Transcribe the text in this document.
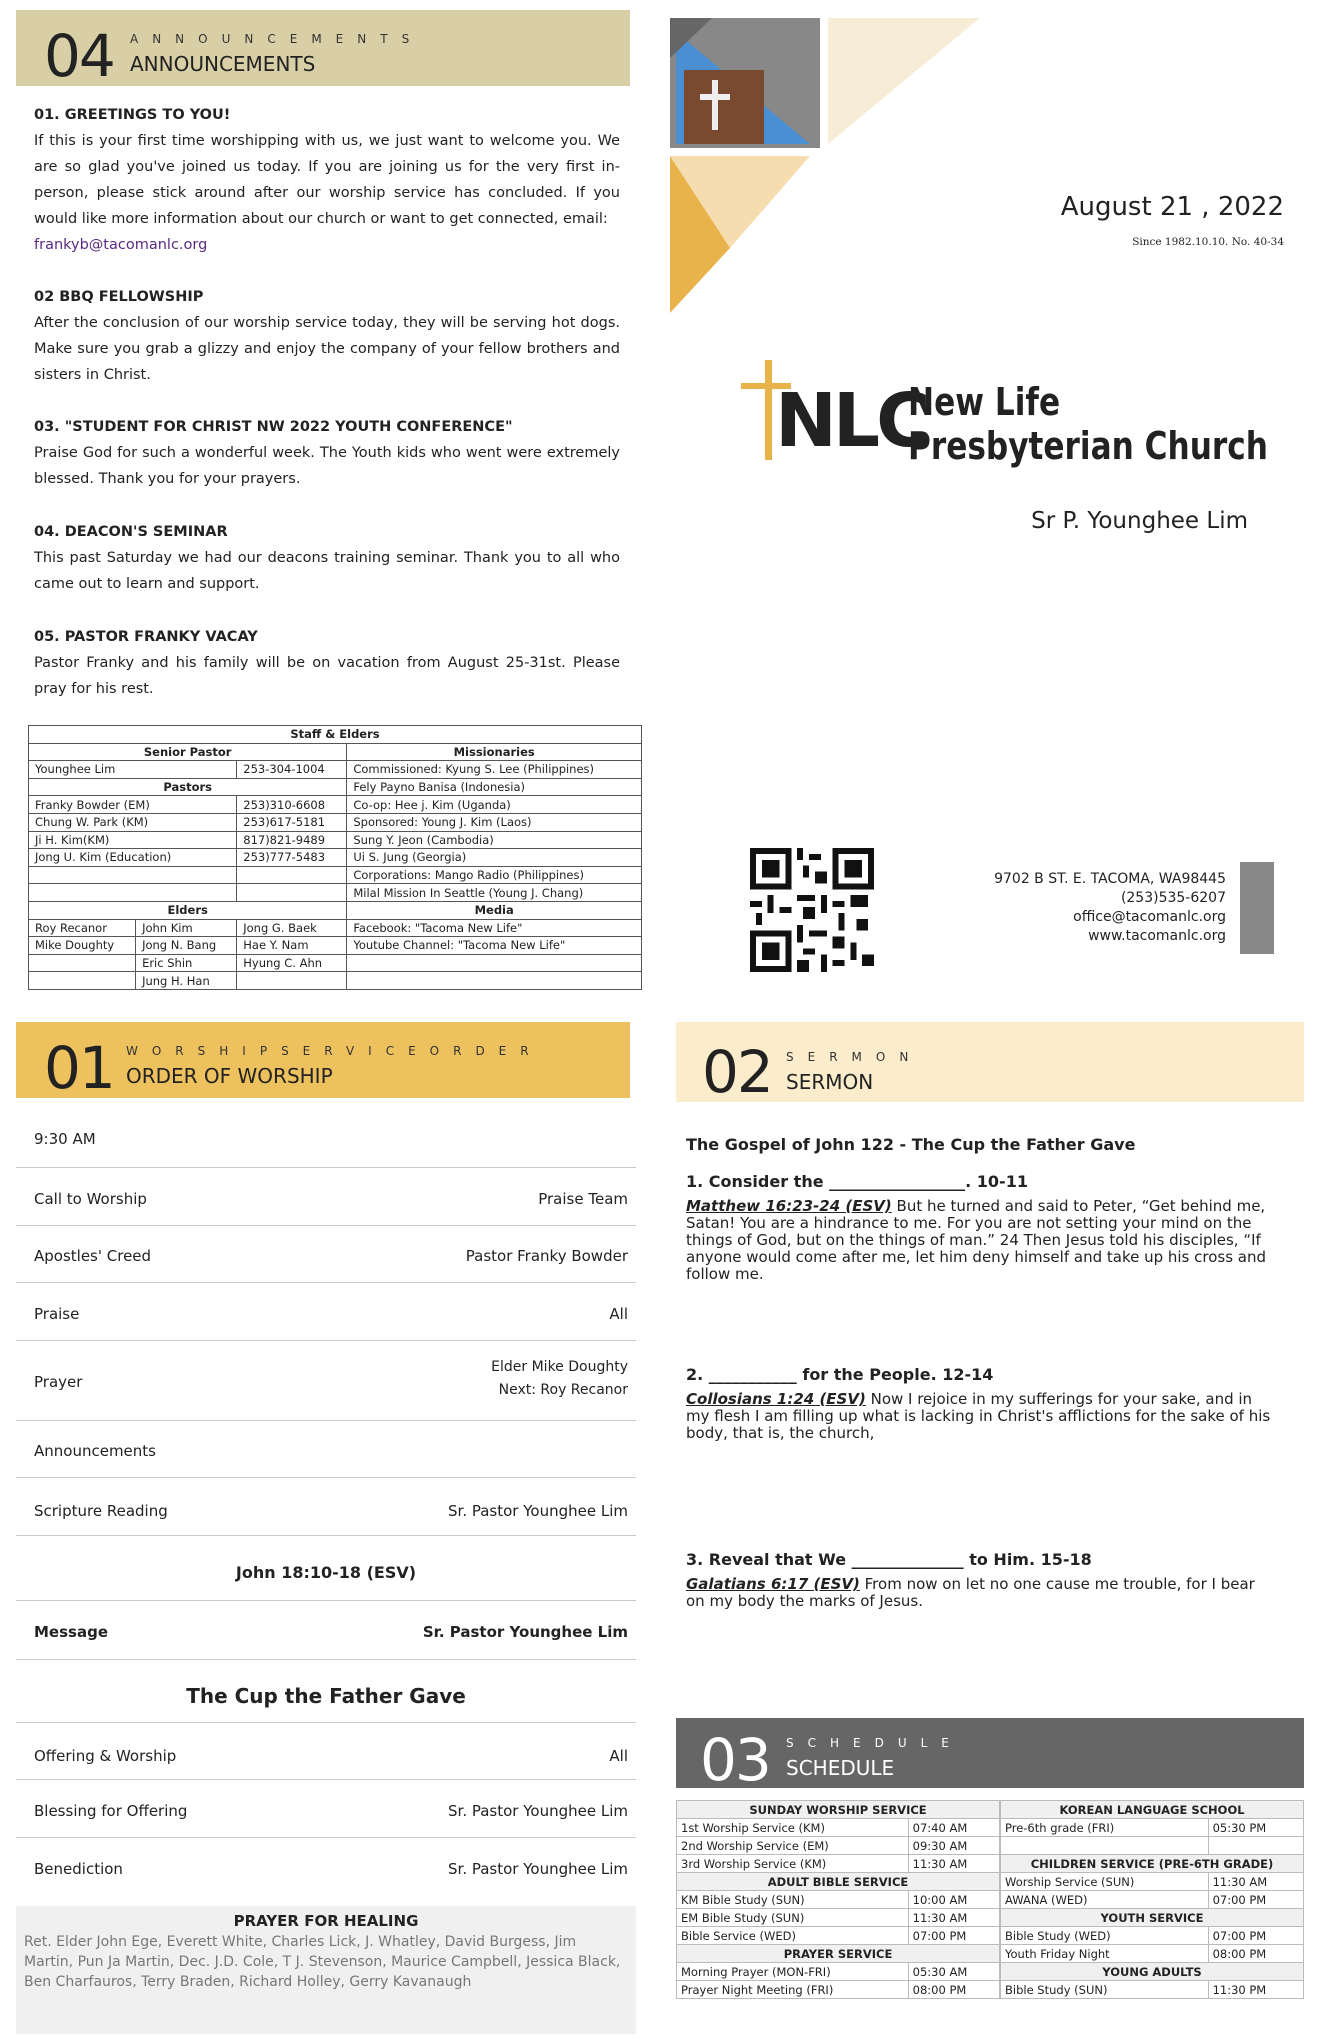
04 ANNOUNCEMENTS
ANNOUNCEMENTS
01. GREETINGS TO YOU!

If this is your first time worshipping with us, we just want to welcome you. We are so glad you've joined us today. If you are joining us for the very first in-person, please stick around after our worship service has concluded. If you would like more information about our church or want to get connected, email:

frankyb@tacomanlc.org
02 BBQ FELLOWSHIP

After the conclusion of our worship service today, they will be serving hot dogs. Make sure you grab a glizzy and enjoy the company of your fellow brothers and sisters in Christ.

03. "STUDENT FOR CHRIST NW 2022 YOUTH CONFERENCE"

Praise God for such a wonderful week. The Youth kids who went were extremely blessed. Thank you for your prayers.

04. DEACON'S SEMINAR

This past Saturday we had our deacons training seminar. Thank you to all who came out to learn and support.

05. PASTOR FRANKY VACAY

Pastor Franky and his family will be on vacation from August 25-31st. Please pray for his rest.

Staff & Elders			
Senior Pastor			Missionaries
Younghee Lim		253-304-1004	Commissioned: Kyung S. Lee (Philippines)
Pastors			Fely Payno Banisa (Indonesia)
Franky Bowder (EM)		253)310-6608	Co-op: Hee j. Kim (Uganda)
Chung W. Park (KM)		253)617-5181	Sponsored: Young J. Kim (Laos)
Ji H. Kim(KM)		817)821-9489	Sung Y. Jeon (Cambodia)
Jong U. Kim (Education)		253)777-5483	Ui S. Jung (Georgia)
			Corporations: Mango Radio (Philippines)
			Milal Mission In Seattle (Young J. Chang)
Elders			Media
Roy Recanor	John Kim	Jong G. Baek	Facebook: "Tacoma New Life"
Mike Doughty	Jong N. Bang	Hae Y. Nam	Youtube Channel: "Tacoma New Life"
	Eric Shin	Hyung C. Ahn	
	Jung H. Han		
August 21 , 2022
Since 1982.10.10. No. 40-34
NLC
New Life
Presbyterian Church
Sr P. Younghee Lim
9702 B ST. E. TACOMA, WA98445
(253)535-6207
office@tacomanlc.org
www.tacomanlc.org
01 WORSHIPSERVICEORDER
ORDER OF WORSHIP
9:30 AM
Call to Worship	Praise Team
Apostles' Creed	Pastor Franky Bowder
Praise	All
Prayer
Elder Mike Doughty
Next: Roy Recanor
Announcements
Scripture Reading	Sr. Pastor Younghee Lim
John 18:10-18 (ESV)
Message	Sr. Pastor Younghee Lim
The Cup the Father Gave
Offering & Worship	All
Blessing for Offering	Sr. Pastor Younghee Lim
Benediction	Sr. Pastor Younghee Lim
PRAYER FOR HEALING
Ret. Elder John Ege, Everett White, Charles Lick, J. Whatley, David Burgess, Jim Martin, Pun Ja Martin, Dec. J.D. Cole, T J. Stevenson, Maurice Campbell, Jessica Black, Ben Charfauros, Terry Braden, Richard Holley, Gerry Kavanaugh
02 SERMON
SERMON
The Gospel of John 122 - The Cup the Father Gave
1. Consider the _________________. 10-11
Matthew 16:23-24 (ESV) But he turned and said to Peter, “Get behind me, Satan! You are a hindrance to me. For you are not setting your mind on the things of God, but on the things of man.” 24 Then Jesus told his disciples, “If anyone would come after me, let him deny himself and take up his cross and follow me.
2. ___________ for the People. 12-14
Collosians 1:24 (ESV) Now I rejoice in my sufferings for your sake, and in my flesh I am filling up what is lacking in Christ's afflictions for the sake of his body, that is, the church,
3. Reveal that We ______________ to Him. 15-18
Galatians 6:17 (ESV) From now on let no one cause me trouble, for I bear on my body the marks of Jesus.
03 SCHEDULE
SCHEDULE
SUNDAY WORSHIP SERVICE	
1st Worship Service (KM)	07:40 AM
2nd Worship Service (EM)	09:30 AM
3rd Worship Service (KM)	11:30 AM
ADULT BIBLE SERVICE	
KM Bible Study (SUN)	10:00 AM
EM Bible Study (SUN)	11:30 AM
Bible Service (WED)	07:00 PM
PRAYER SERVICE	
Morning Prayer (MON-FRI)	05:30 AM
Prayer Night Meeting (FRI)	08:00 PM
KOREAN LANGUAGE SCHOOL	
Pre-6th grade (FRI)	05:30 PM

CHILDREN SERVICE (PRE-6TH GRADE)	
Worship Service (SUN)	11:30 AM
AWANA (WED)	07:00 PM
YOUTH SERVICE	
Bible Study (WED)	07:00 PM
Youth Friday Night	08:00 PM
YOUNG ADULTS	
Bible Study (SUN)	11:30 PM
